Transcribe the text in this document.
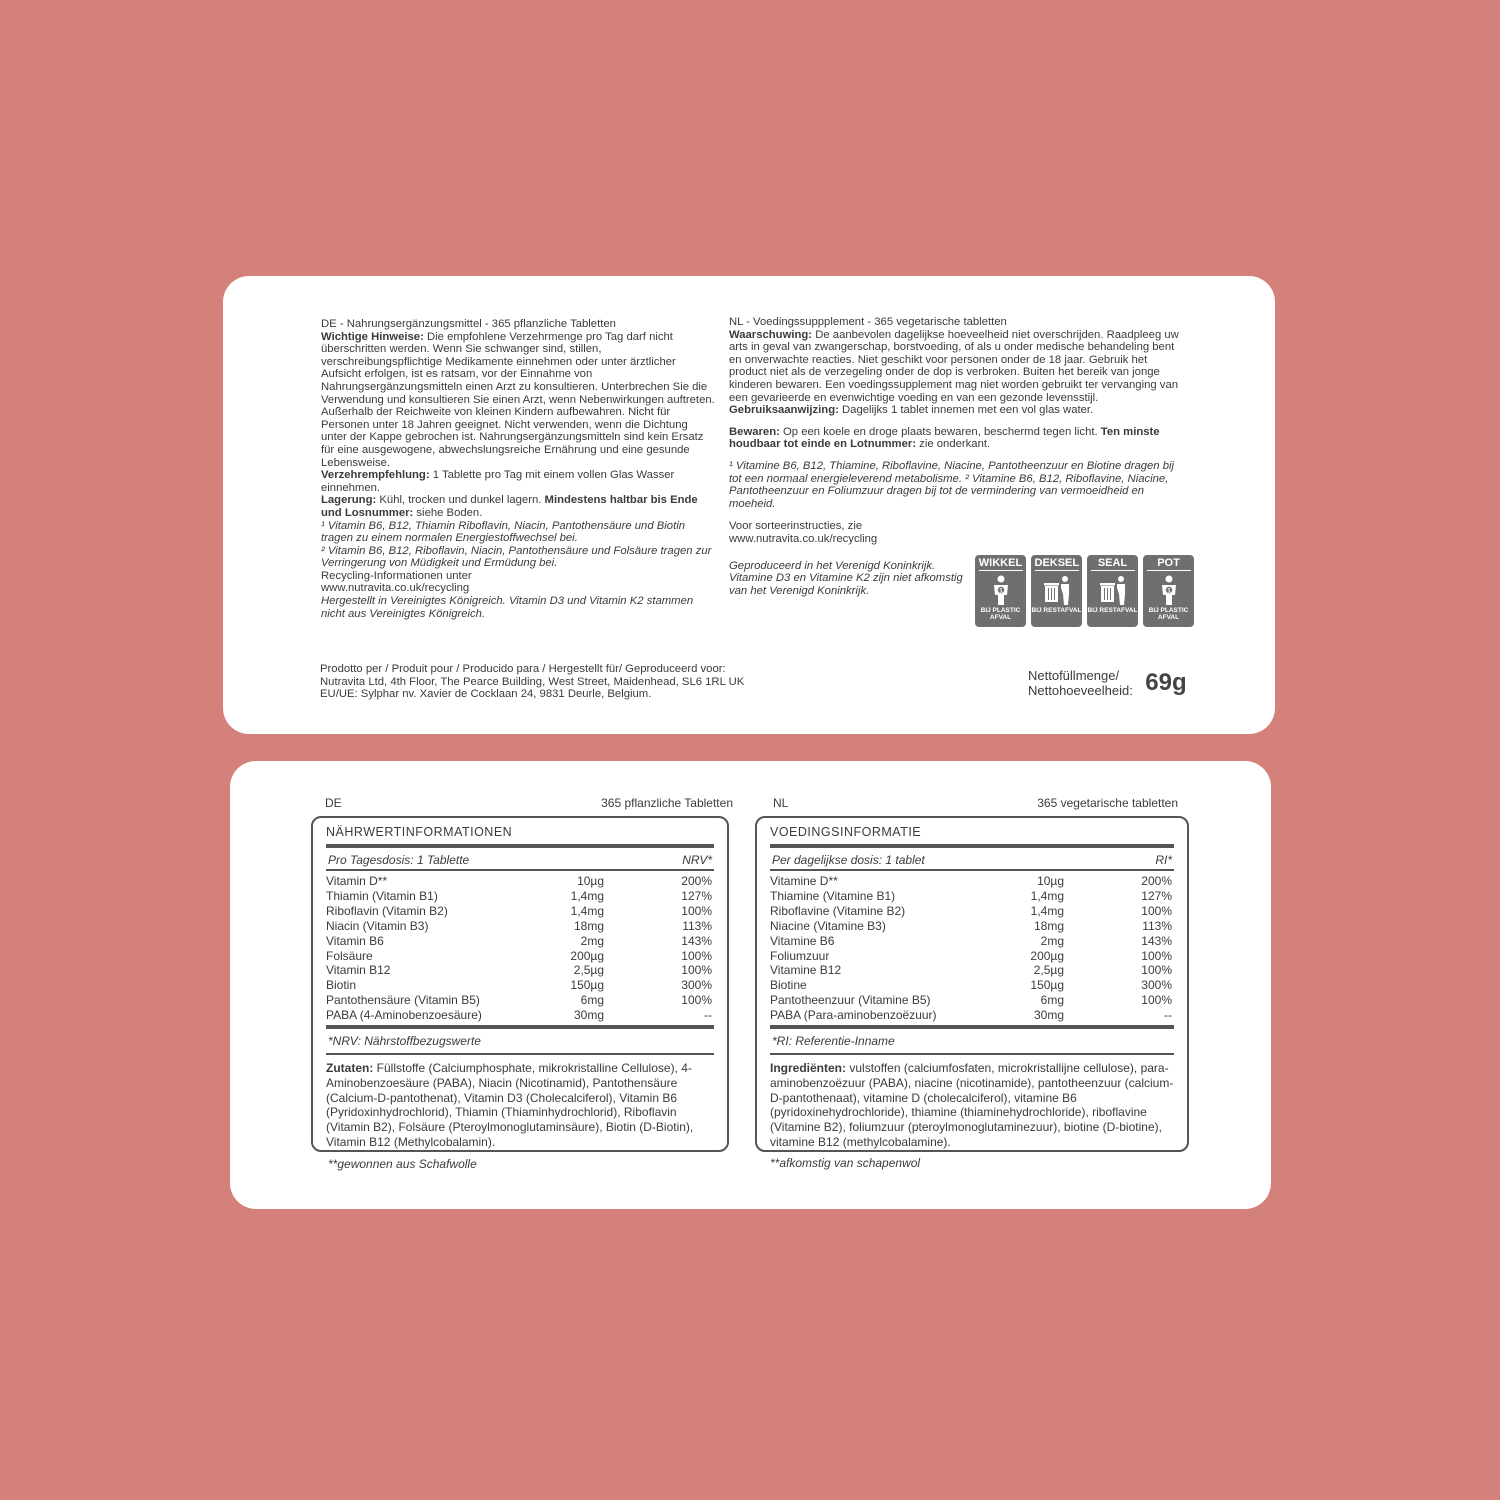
DE - Nahrungsergänzungsmittel - 365 pflanzliche Tabletten

Wichtige Hinweise: Die empfohlene Verzehrmenge pro Tag darf nicht überschritten werden. Wenn Sie schwanger sind, stillen, verschreibungspflichtige Medikamente einnehmen oder unter ärztlicher Aufsicht erfolgen, ist es ratsam, vor der Einnahme von Nahrungsergänzungsmitteln einen Arzt zu konsultieren. Unterbrechen Sie die Verwendung und konsultieren Sie einen Arzt, wenn Nebenwirkungen auftreten. Außerhalb der Reichweite von kleinen Kindern aufbewahren. Nicht für Personen unter 18 Jahren geeignet. Nicht verwenden, wenn die Dichtung unter der Kappe gebrochen ist. Nahrungsergänzungsmitteln sind kein Ersatz für eine ausgewogene, abwechslungsreiche Ernährung und eine gesunde Lebensweise.

Verzehrempfehlung: 1 Tablette pro Tag mit einem vollen Glas Wasser einnehmen.

Lagerung: Kühl, trocken und dunkel lagern. Mindestens haltbar bis Ende und Losnummer: siehe Boden.

¹ Vitamin B6, B12, Thiamin Riboflavin, Niacin, Pantothensäure und Biotin tragen zu einem normalen Energiestoffwechsel bei.

² Vitamin B6, B12, Riboflavin, Niacin, Pantothensäure und Folsäure tragen zur Verringerung von Müdigkeit und Ermüdung bei.

Recycling-Informationen unter

www.nutravita.co.uk/recycling

Hergestellt in Vereinigtes Königreich. Vitamin D3 und Vitamin K2 stammen nicht aus Vereinigtes Königreich.

NL - Voedingssuppplement - 365 vegetarische tabletten

Waarschuwing: De aanbevolen dagelijkse hoeveelheid niet overschrijden. Raadpleeg uw arts in geval van zwangerschap, borstvoeding, of als u onder medische behandeling bent en onverwachte reacties. Niet geschikt voor personen onder de 18 jaar. Gebruik het product niet als de verzegeling onder de dop is verbroken. Buiten het bereik van jonge kinderen bewaren. Een voedingssupplement mag niet worden gebruikt ter vervanging van een gevarieerde en evenwichtige voeding en van een gezonde levensstijl.

Gebruiksaanwijzing: Dagelijks 1 tablet innemen met een vol glas water.

Bewaren: Op een koele en droge plaats bewaren, beschermd tegen licht. Ten minste houdbaar tot einde en Lotnummer: zie onderkant.

¹ Vitamine B6, B12, Thiamine, Riboflavine, Niacine, Pantotheenzuur en Biotine dragen bij tot een normaal energieleverend metabolisme. ² Vitamine B6, B12, Riboflavine, Niacine, Pantotheenzuur en Foliumzuur dragen bij tot de vermindering van vermoeidheid en moeheid.

Voor sorteerinstructies, zie

www.nutravita.co.uk/recycling

Geproduceerd in het Verenigd Koninkrijk. Vitamine D3 en Vitamine K2 zijn niet afkomstig van het Verenigd Koninkrijk.

WIKKEL
1
BIJ PLASTIC AFVAL
DEKSEL
BIJ RESTAFVAL
SEAL
BIJ RESTAFVAL
POT
1
BIJ PLASTIC AFVAL

Prodotto per / Produit pour / Producido para / Hergestellt für/ Geproduceerd voor:

Nutravita Ltd, 4th Floor, The Pearce Building, West Street, Maidenhead, SL6 1RL UK

EU/UE: Sylphar nv. Xavier de Cocklaan 24, 9831 Deurle, Belgium.

Nettofüllmenge/
Nettohoeveelheid: 69g
DE	365 pflanzliche Tabletten	NL	365 vegetarische tabletten
NÄHRWERTINFORMATIONEN
Pro Tagesdosis: 1 Tablette	NRV*
Vitamin D**	10µg	200%
Thiamin (Vitamin B1)	1,4mg	127%
Riboflavin (Vitamin B2)	1,4mg	100%
Niacin (Vitamin B3)	18mg	113%
Vitamin B6	2mg	143%
Folsäure	200µg	100%
Vitamin B12	2,5µg	100%
Biotin	150µg	300%
Pantothensäure (Vitamin B5)	6mg	100%
PABA (4-Aminobenzoesäure)	30mg	--
*NRV: Nährstoffbezugswerte
Zutaten: Füllstoffe (Calciumphosphate, mikrokristalline Cellulose), 4-Aminobenzoesäure (PABA), Niacin (Nicotinamid), Pantothensäure (Calcium-D-pantothenat), Vitamin D3 (Cholecalciferol), Vitamin B6 (Pyridoxinhydrochlorid), Thiamin (Thiaminhydrochlorid), Riboflavin (Vitamin B2), Folsäure (Pteroylmonoglutaminsäure), Biotin (D-Biotin), Vitamin B12 (Methylcobalamin).
VOEDINGSINFORMATIE
Per dagelijkse dosis: 1 tablet	RI*
Vitamine D**	10µg	200%
Thiamine (Vitamine B1)	1,4mg	127%
Riboflavine (Vitamine B2)	1,4mg	100%
Niacine (Vitamine B3)	18mg	113%
Vitamine B6	2mg	143%
Foliumzuur	200µg	100%
Vitamine B12	2,5µg	100%
Biotine	150µg	300%
Pantotheenzuur (Vitamine B5)	6mg	100%
PABA (Para-aminobenzoëzuur)	30mg	--
*RI: Referentie-Inname
Ingrediënten: vulstoffen (calciumfosfaten, microkristallijne cellulose), para-aminobenzoëzuur (PABA), niacine (nicotinamide), pantotheenzuur (calcium-D-pantothenaat), vitamine D (cholecalciferol), vitamine B6 (pyridoxinehydrochloride), thiamine (thiaminehydrochloride), riboflavine (Vitamine B2), foliumzuur (pteroylmonoglutaminezuur), biotine (D-biotine), vitamine B12 (methylcobalamine).
**gewonnen aus Schafwolle	**afkomstig van schapenwol
